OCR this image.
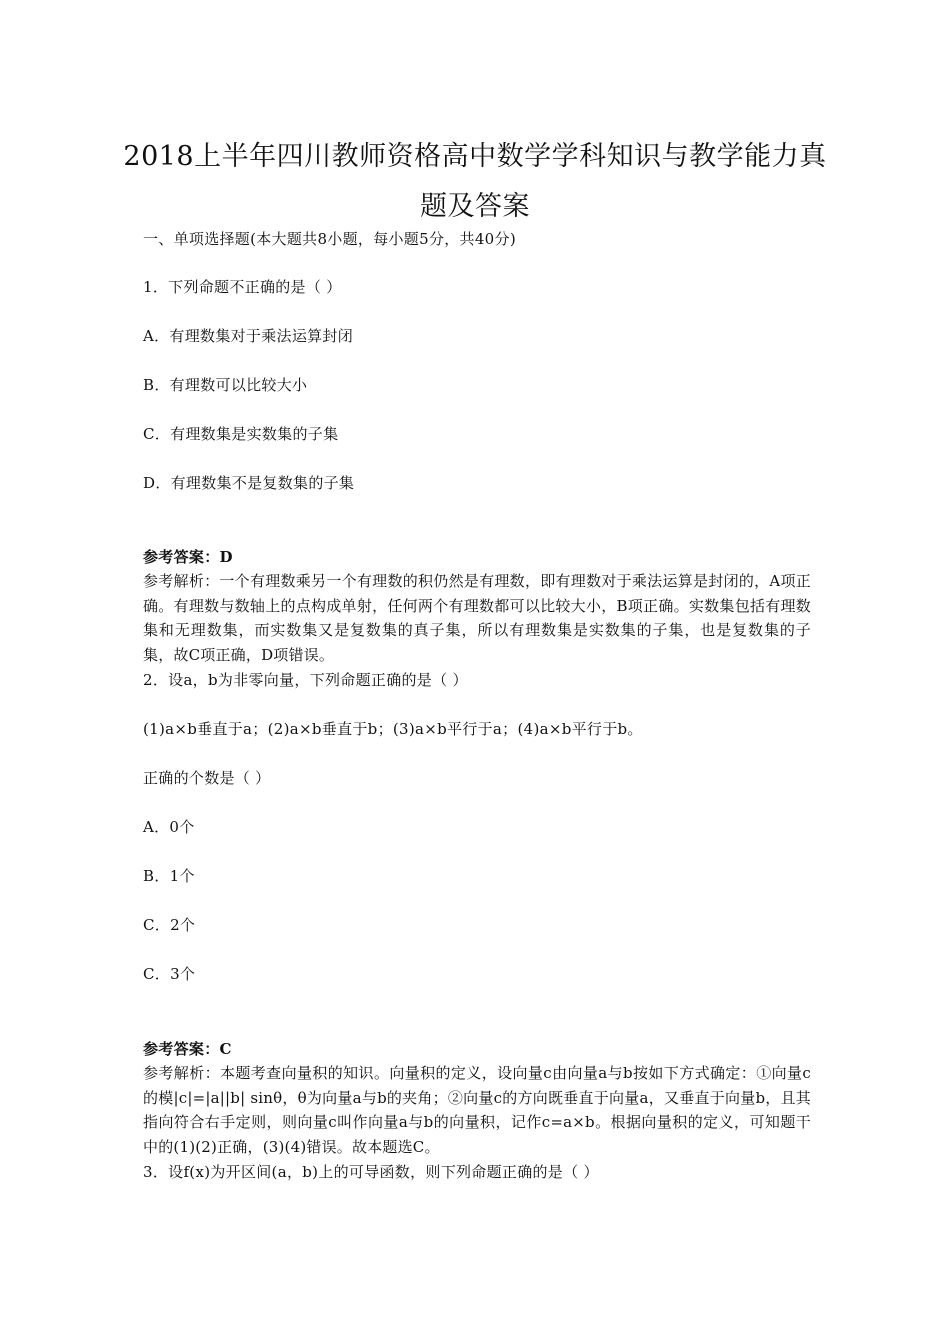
2018上半年四川教师资格高中数学学科知识与教学能力真
题及答案
一、单项选择题(本大题共8小题，每小题5分，共40分)
1．下列命题不正确的是（ ）
A．有理数集对于乘法运算封闭
B．有理数可以比较大小
C．有理数集是实数集的子集
D．有理数集不是复数集的子集
参考答案：D
参考解析：一个有理数乘另一个有理数的积仍然是有理数，即有理数对于乘法运算是封闭的，A项正确。有理数与数轴上的点构成单射，任何两个有理数都可以比较大小，B项正确。实数集包括有理数集和无理数集，而实数集又是复数集的真子集，所以有理数集是实数集的子集，也是复数集的子集，故C项正确，D项错误。
2．设a，b为非零向量，下列命题正确的是（ ）
(1)a×b垂直于a；(2)a×b垂直于b；(3)a×b平行于a；(4)a×b平行于b。
正确的个数是（ ）
A．0个
B．1个
C．2个
C．3个
参考答案：C
参考解析：本题考查向量积的知识。向量积的定义，设向量c由向量a与b按如下方式确定：①向量c的模|c|=|a||b| sinθ，θ为向量a与b的夹角；②向量c的方向既垂直于向量a，又垂直于向量b，且其指向符合右手定则，则向量c叫作向量a与b的向量积，记作c=a×b。根据向量积的定义，可知题干中的(1)(2)正确，(3)(4)错误。故本题选C。
3．设f(x)为开区间(a，b)上的可导函数，则下列命题正确的是（ ）
